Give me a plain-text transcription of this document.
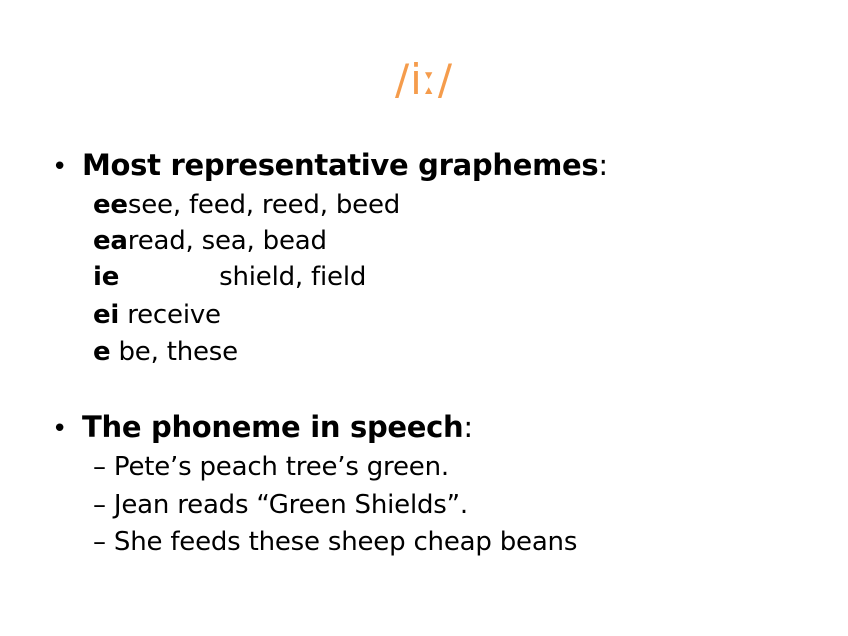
/iː/
• Most representative graphemes:
eesee, feed, reed, beed
earead, sea, bead
ie	shield, field
ei receive
e be, these
• The phoneme in speech:
– Pete’s peach tree’s green.
– Jean reads “Green Shields”.
– She feeds these sheep cheap beans
